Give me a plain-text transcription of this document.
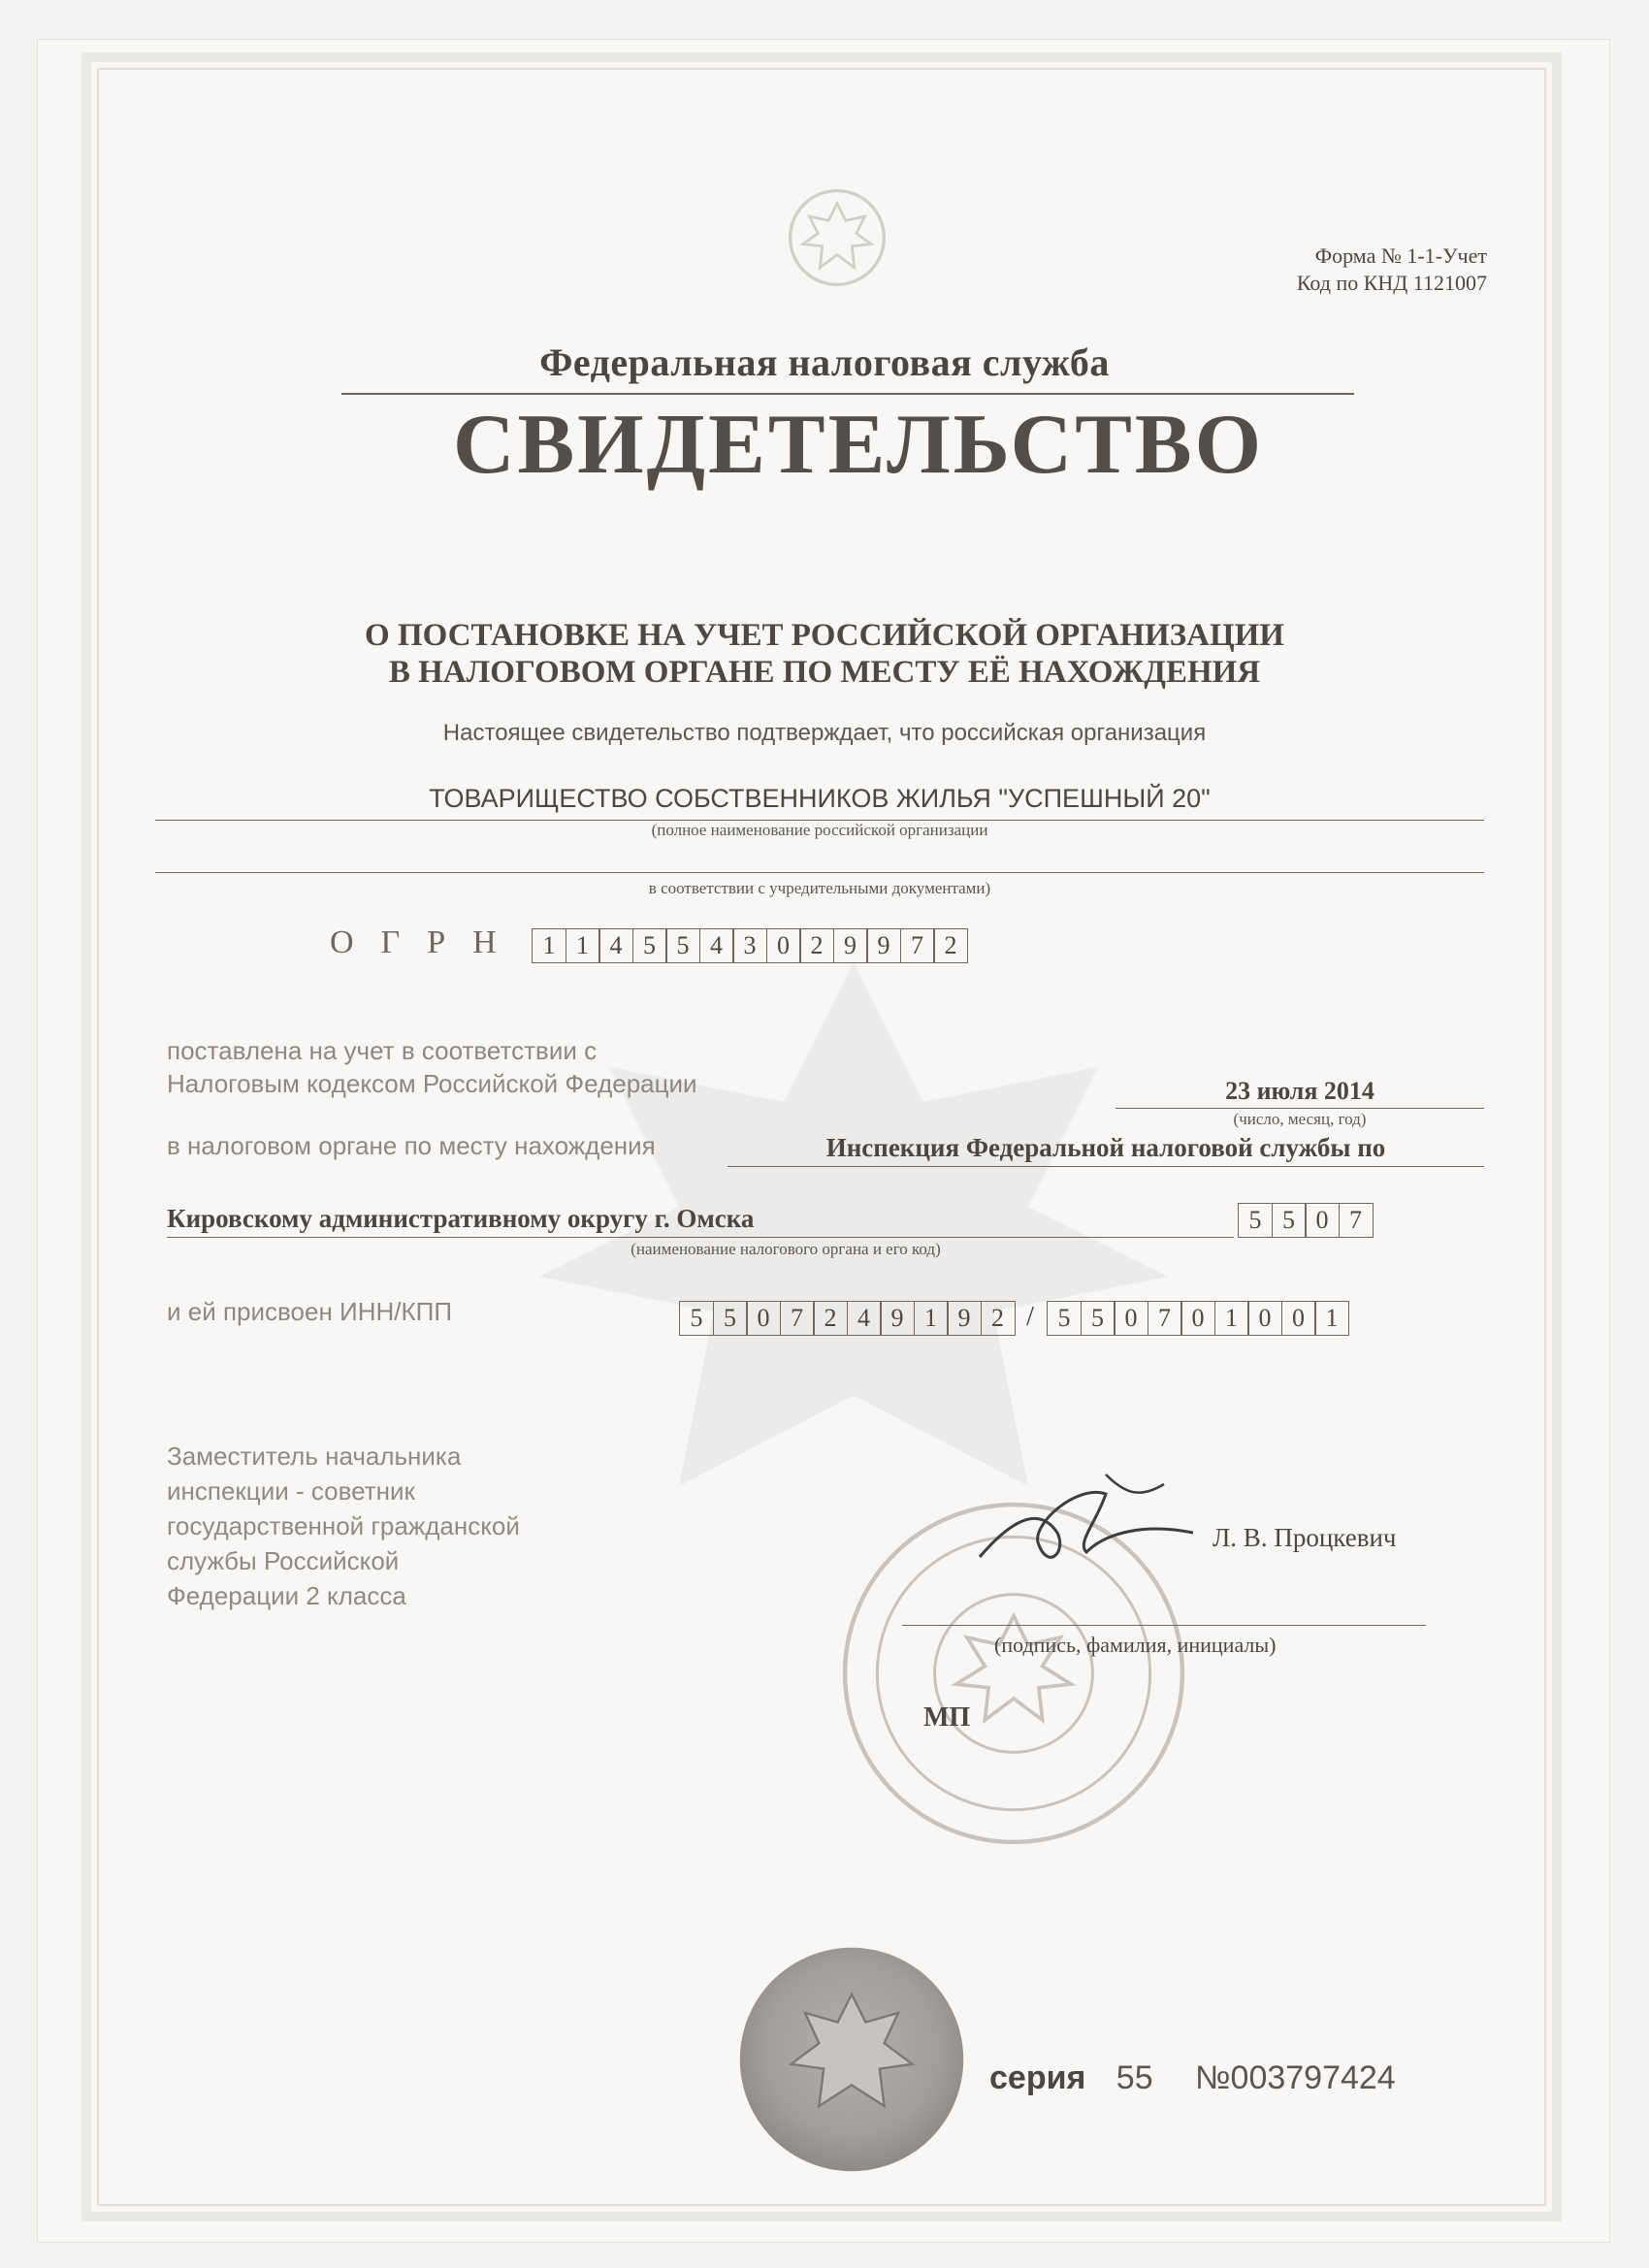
Форма № 1-1-Учет
Код по КНД 1121007
Федеральная налоговая служба
СВИДЕТЕЛЬСТВО
О ПОСТАНОВКЕ НА УЧЕТ РОССИЙСКОЙ ОРГАНИЗАЦИИ
В НАЛОГОВОМ ОРГАНЕ ПО МЕСТУ ЕЁ НАХОЖДЕНИЯ
Настоящее свидетельство подтверждает, что российская организация
ТОВАРИЩЕСТВО СОБСТВЕННИКОВ ЖИЛЬЯ "УСПЕШНЫЙ 20"
(полное наименование российской организации
в соответствии с учредительными документами)
ОГРН 1 1 4 5 5 4 3 0 2 9 9 7 2
поставлена на учет в соответствии с
Налоговым кодексом Российской Федерации	23 июля 2014
(число, месяц, год)
в налоговом органе по месту нахождения	Инспекция Федеральной налоговой службы по
Кировскому административному округу г. Омска	5 5 0 7
(наименование налогового органа и его код)
и ей присвоен ИНН/КПП	5 5 0 7 2 4 9 1 9 2 / 5 5 0 7 0 1 0 0 1
Заместитель начальника
инспекции - советник
государственной гражданской
службы Российской
Федерации 2 класса
Л. В. Процкевич
(подпись, фамилия, инициалы)
МП
серия 55 №003797424
